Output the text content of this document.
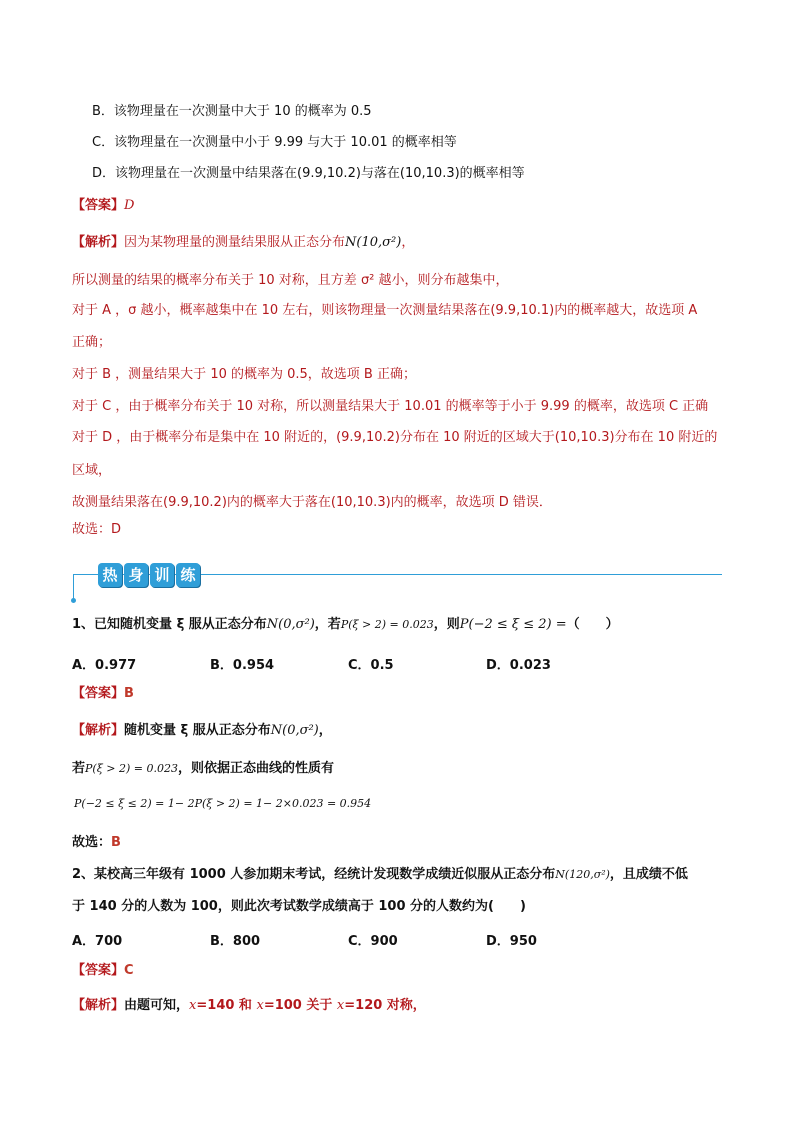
B．该物理量在一次测量中大于 10 的概率为 0.5
C．该物理量在一次测量中小于 9.99 与大于 10.01 的概率相等
D．该物理量在一次测量中结果落在(9.9,10.2)与落在(10,10.3)的概率相等
【答案】D
【解析】因为某物理量的测量结果服从正态分布N(10,σ²)，
所以测量的结果的概率分布关于 10 对称，且方差 σ² 越小，则分布越集中，
对于 A ，σ 越小，概率越集中在 10 左右，则该物理量一次测量结果落在(9.9,10.1)内的概率越大，故选项 A
正确；
对于 B ，测量结果大于 10 的概率为 0.5，故选项 B 正确；
对于 C ，由于概率分布关于 10 对称，所以测量结果大于 10.01 的概率等于小于 9.99 的概率，故选项 C 正确
对于 D ，由于概率分布是集中在 10 附近的，(9.9,10.2)分布在 10 附近的区域大于(10,10.3)分布在 10 附近的
区域，
故测量结果落在(9.9,10.2)内的概率大于落在(10,10.3)内的概率，故选项 D 错误．
故选：D
热 身 训 练
1、已知随机变量 ξ 服从正态分布N(0,σ²)，若P(ξ > 2) = 0.023，则P(−2 ≤ ξ ≤ 2) =（　　）
A．0.977	B．0.954	C．0.5	D．0.023
【答案】B
【解析】随机变量 ξ 服从正态分布N(0,σ²)，
若P(ξ > 2) = 0.023，则依据正态曲线的性质有
P(−2 ≤ ξ ≤ 2) = 1− 2P(ξ > 2) = 1− 2×0.023 = 0.954
故选：B
2、某校高三年级有 1000 人参加期末考试，经统计发现数学成绩近似服从正态分布N(120,σ²)，且成绩不低
于 140 分的人数为 100，则此次考试数学成绩高于 100 分的人数约为(　　)
A．700	B．800	C．900	D．950
【答案】C
【解析】由题可知，x=140 和 x=100 关于 x=120 对称，
